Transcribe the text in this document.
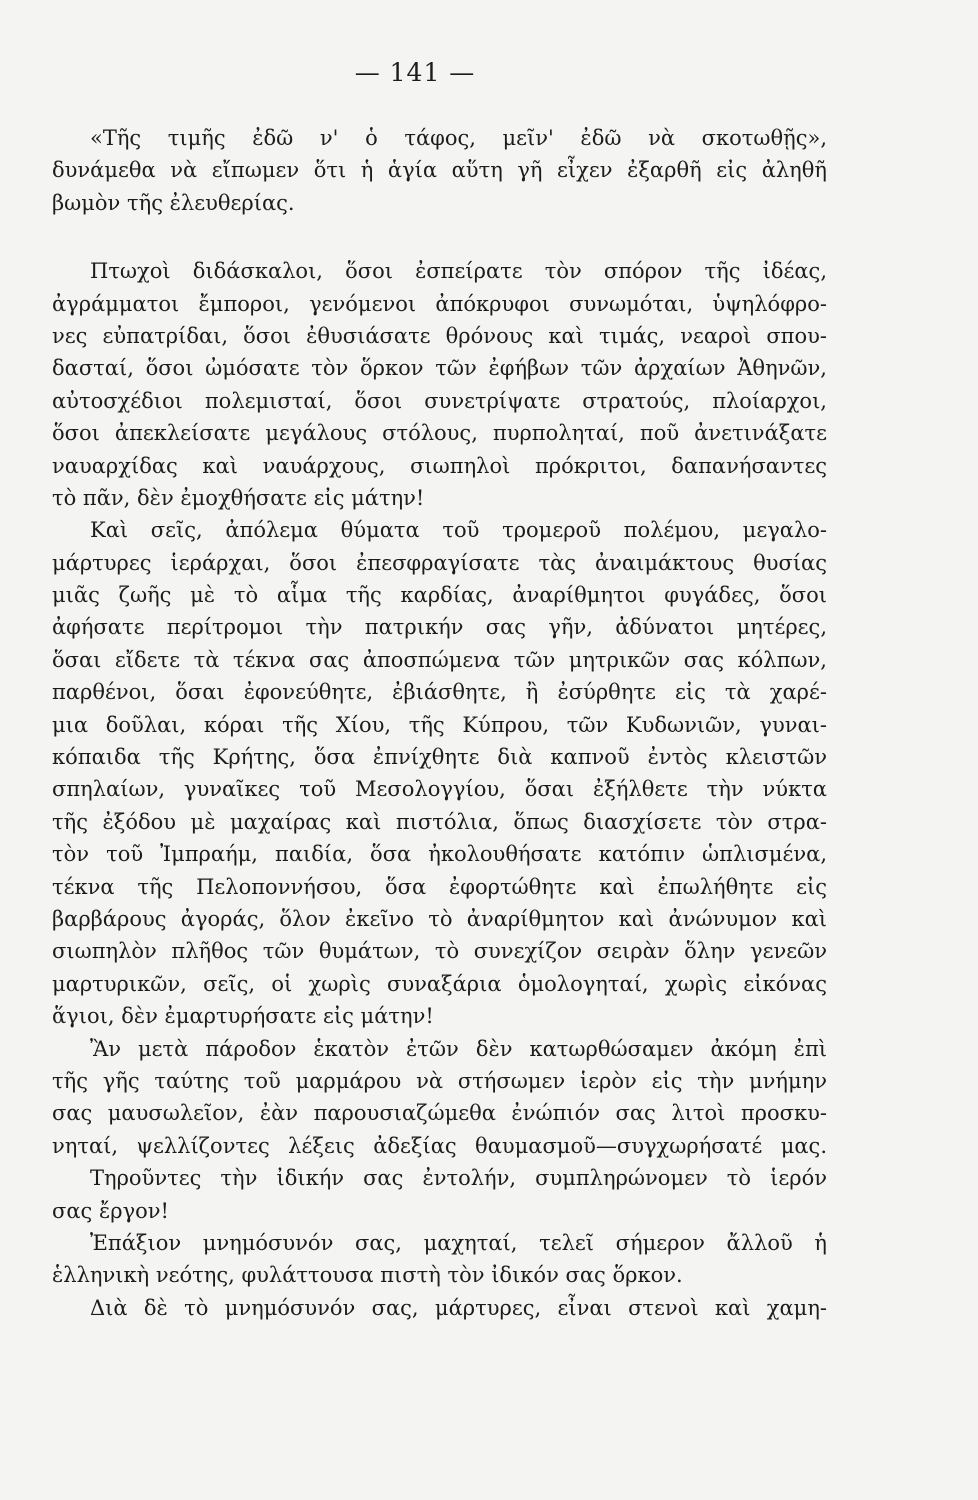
— 141 —
«Τῆς τιμῆς ἐδῶ ν' ὁ τάφος, μεῖν' ἐδῶ νὰ σκοτωθῇς»,
δυνάμεθα νὰ εἴπωμεν ὅτι ἡ ἁγία αὕτη γῆ εἶχεν ἐξαρθῆ εἰς ἀληθῆ
βωμὸν τῆς ἐλευθερίας.
Πτωχοὶ διδάσκαλοι, ὅσοι ἐσπείρατε τὸν σπόρον τῆς ἰδέας,
ἀγράμματοι ἔμποροι, γενόμενοι ἀπόκρυφοι συνωμόται, ὑψηλόφρο-
νες εὐπατρίδαι, ὅσοι ἐθυσιάσατε θρόνους καὶ τιμάς, νεαροὶ σπου-
δασταί, ὅσοι ὠμόσατε τὸν ὅρκον τῶν ἐφήβων τῶν ἀρχαίων Ἀθηνῶν,
αὐτοσχέδιοι πολεμισταί, ὅσοι συνετρίψατε στρατούς, πλοίαρχοι,
ὅσοι ἀπεκλείσατε μεγάλους στόλους, πυρποληταί, ποῦ ἀνετινάξατε
ναυαρχίδας καὶ ναυάρχους, σιωπηλοὶ πρόκριτοι, δαπανήσαντες
τὸ πᾶν, δὲν ἐμοχθήσατε εἰς μάτην!
Καὶ σεῖς, ἀπόλεμα θύματα τοῦ τρομεροῦ πολέμου, μεγαλο-
μάρτυρες ἱεράρχαι, ὅσοι ἐπεσφραγίσατε τὰς ἀναιμάκτους θυσίας
μιᾶς ζωῆς μὲ τὸ αἷμα τῆς καρδίας, ἀναρίθμητοι φυγάδες, ὅσοι
ἀφήσατε περίτρομοι τὴν πατρικήν σας γῆν, ἀδύνατοι μητέρες,
ὅσαι εἴδετε τὰ τέκνα σας ἀποσπώμενα τῶν μητρικῶν σας κόλπων,
παρθένοι, ὅσαι ἐφονεύθητε, ἐβιάσθητε, ἢ ἐσύρθητε εἰς τὰ χαρέ-
μια δοῦλαι, κόραι τῆς Χίου, τῆς Κύπρου, τῶν Κυδωνιῶν, γυναι-
κόπαιδα τῆς Κρήτης, ὅσα ἐπνίχθητε διὰ καπνοῦ ἐντὸς κλειστῶν
σπηλαίων, γυναῖκες τοῦ Μεσολογγίου, ὅσαι ἐξήλθετε τὴν νύκτα
τῆς ἐξόδου μὲ μαχαίρας καὶ πιστόλια, ὅπως διασχίσετε τὸν στρα-
τὸν τοῦ Ἰμπραήμ, παιδία, ὅσα ἠκολουθήσατε κατόπιν ὡπλισμένα,
τέκνα τῆς Πελοποννήσου, ὅσα ἐφορτώθητε καὶ ἐπωλήθητε εἰς
βαρβάρους ἀγοράς, ὅλον ἐκεῖνο τὸ ἀναρίθμητον καὶ ἀνώνυμον καὶ
σιωπηλὸν πλῆθος τῶν θυμάτων, τὸ συνεχίζον σειρὰν ὅλην γενεῶν
μαρτυρικῶν, σεῖς, οἱ χωρὶς συναξάρια ὁμολογηταί, χωρὶς εἰκόνας
ἅγιοι, δὲν ἐμαρτυρήσατε εἰς μάτην!
Ἂν μετὰ πάροδον ἑκατὸν ἐτῶν δὲν κατωρθώσαμεν ἀκόμη ἐπὶ
τῆς γῆς ταύτης τοῦ μαρμάρου νὰ στήσωμεν ἱερὸν εἰς τὴν μνήμην
σας μαυσωλεῖον, ἐὰν παρουσιαζώμεθα ἐνώπιόν σας λιτοὶ προσκυ-
νηταί, ψελλίζοντες λέξεις ἀδεξίας θαυμασμοῦ—συγχωρήσατέ μας.
Τηροῦντες τὴν ἰδικήν σας ἐντολήν, συμπληρώνομεν τὸ ἱερόν
σας ἔργον!
Ἐπάξιον μνημόσυνόν σας, μαχηταί, τελεῖ σήμερον ἄλλοῦ ἡ
ἑλληνικὴ νεότης, φυλάττουσα πιστὴ τὸν ἰδικόν σας ὅρκον.
Διὰ δὲ τὸ μνημόσυνόν σας, μάρτυρες, εἶναι στενοὶ καὶ χαμη-
